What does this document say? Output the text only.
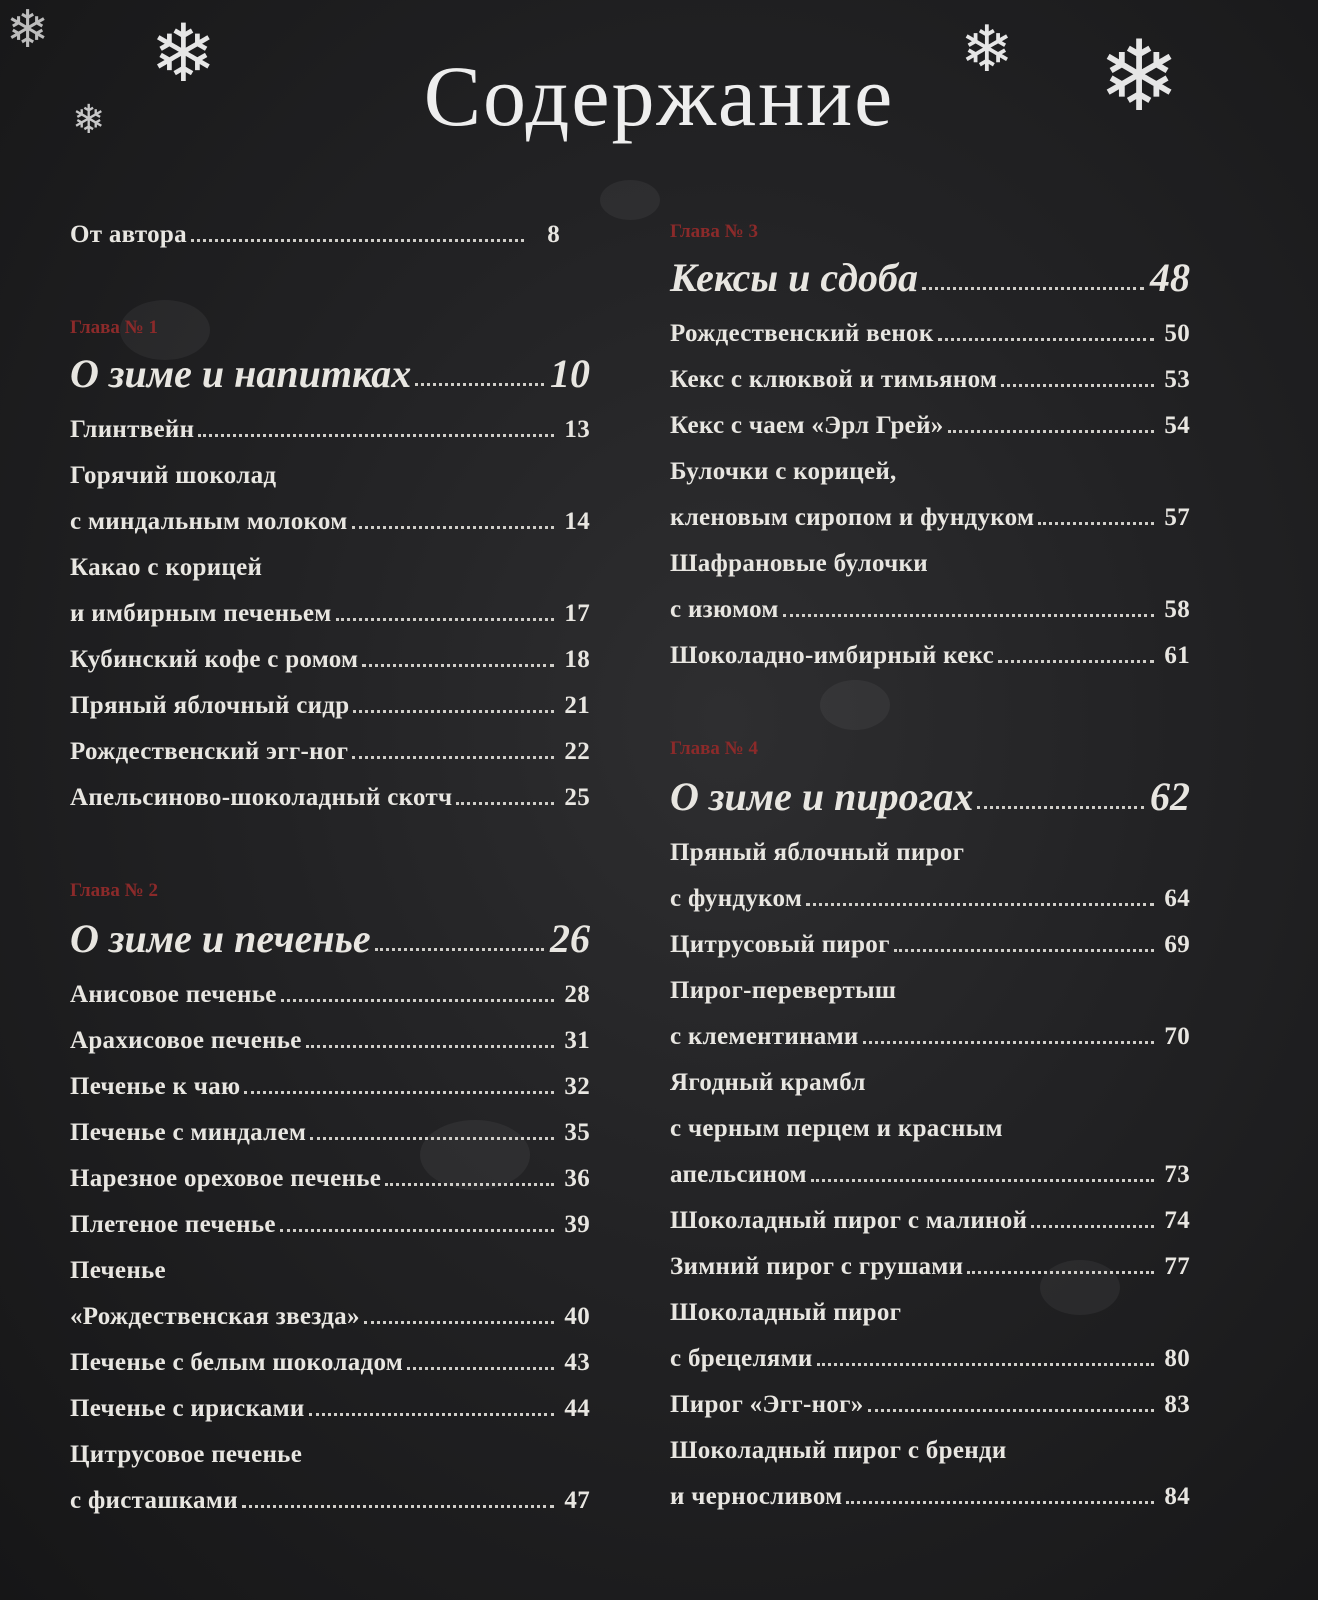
❄ ❄
❄
❄ ❄
Содержание
От автора	8
Глава № 1
О зиме и напитках	10
Глинтвейн	13
Горячий шоколад
с миндальным молоком	14
Какао с корицей
и имбирным печеньем	17
Кубинский кофе с ромом	18
Пряный яблочный сидр	21
Рождественский эгг-ног	22
Апельсиново-шоколадный скотч	25
Глава № 2
О зиме и печенье	26
Анисовое печенье	28
Арахисовое печенье	31
Печенье к чаю	32
Печенье с миндалем	35
Нарезное ореховое печенье	36
Плетеное печенье	39
Печенье
«Рождественская звезда»	40
Печенье с белым шоколадом	43
Печенье с ирисками	44
Цитрусовое печенье
с фисташками	47
Глава № 3
Кексы и сдоба	48
Рождественский венок	50
Кекс с клюквой и тимьяном	53
Кекс с чаем «Эрл Грей»	54
Булочки с корицей,
кленовым сиропом и фундуком	57
Шафрановые булочки
с изюмом	58
Шоколадно-имбирный кекс	61
Глава № 4
О зиме и пирогах	62
Пряный яблочный пирог
с фундуком	64
Цитрусовый пирог	69
Пирог-перевертыш
с клементинами	70
Ягодный крамбл
с черным перцем и красным
апельсином	73
Шоколадный пирог с малиной	74
Зимний пирог с грушами	77
Шоколадный пирог
с брецелями	80
Пирог «Эгг-ног»	83
Шоколадный пирог с бренди
и черносливом	84
